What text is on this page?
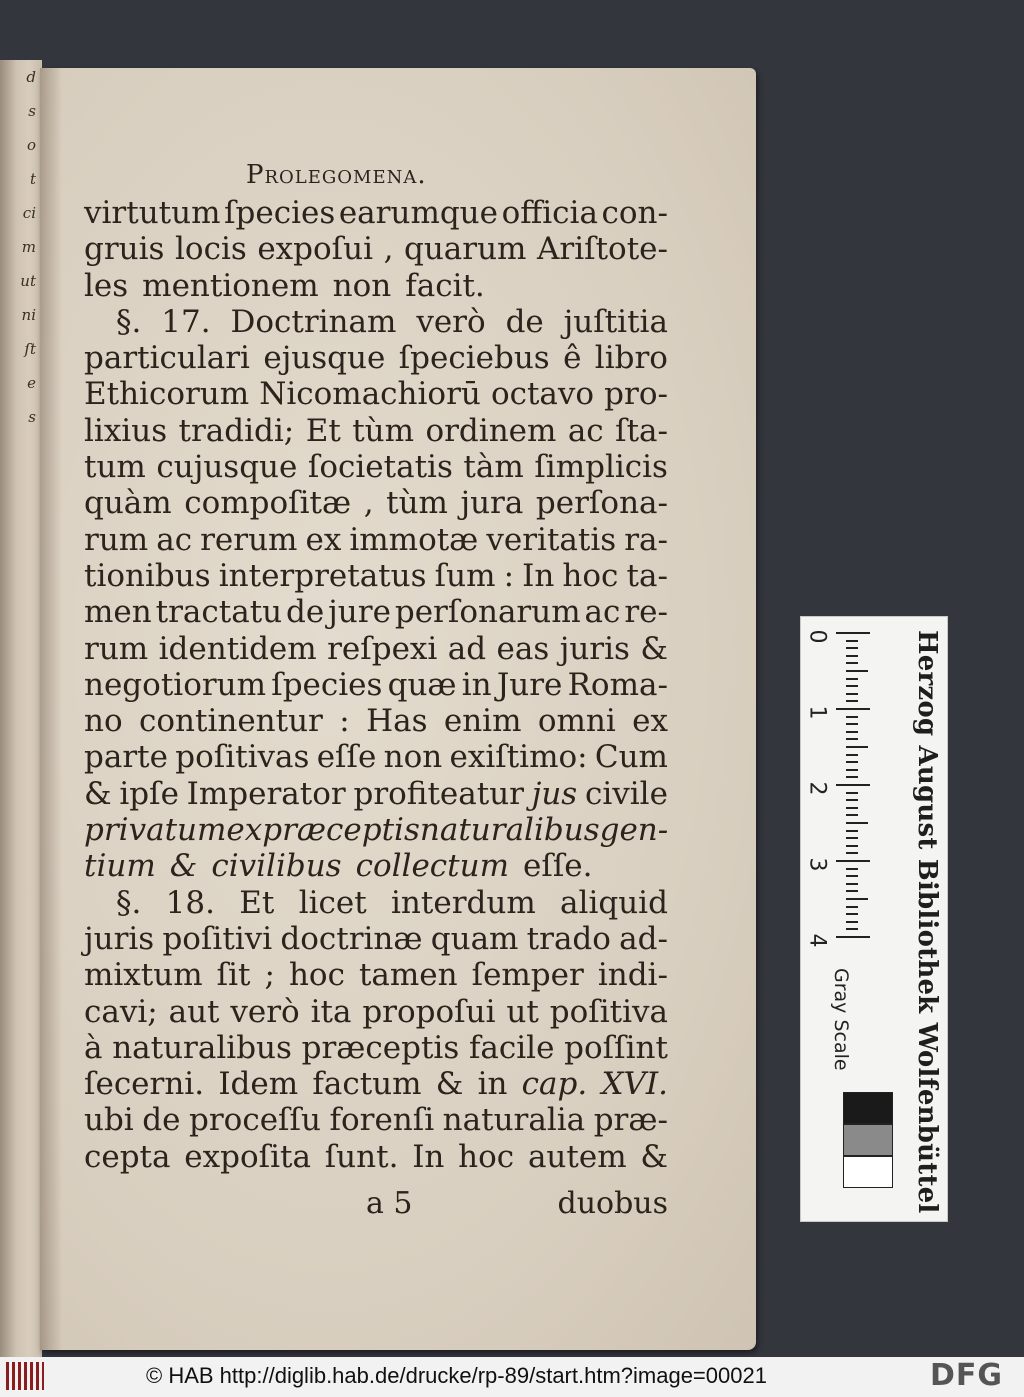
d
s
o
t
ci
m
ut
ni
ſt
e
s
Prolegomena.
virtutum ſpecies earumque officia con-
gruis locis expoſui , quarum Ariſtote-
les mentionem non facit.
§. 17. Doctrinam verò de juſtitia
particulari ejusque ſpeciebus ê libro
Ethicorum Nicomachiorū octavo pro-
lixius tradidi; Et tùm ordinem ac ſta-
tum cujusque ſocietatis tàm ſimplicis
quàm compoſitæ , tùm jura perſona-
rum ac rerum ex immotæ veritatis ra-
tionibus interpretatus ſum : In hoc ta-
men tractatu de jure perſonarum ac re-
rum identidem reſpexi ad eas juris &
negotiorum ſpecies quæ in Jure Roma-
no continentur : Has enim omni ex
parte poſitivas eſſe non exiſtimo: Cum
& ipſe Imperator profiteatur jus civile
privatum ex præceptis naturalibus gen-
tium & civilibus collectum eſſe.
§. 18. Et licet interdum aliquid
juris poſitivi doctrinæ quam trado ad-
mixtum ſit ; hoc tamen ſemper indi-
cavi; aut verò ita propoſui ut poſitiva
à naturalibus præceptis facile poſſint
ſecerni. Idem factum & in cap. XVI.
ubi de proceſſu forenſi naturalia præ-
cepta expoſita ſunt. In hoc autem &
a 5	duobus	Herzog August Bibliothek Wolfenbüttel
0
1
2
3
4
Gray Scale
© HAB http://diglib.hab.de/drucke/rp-89/start.htm?image=00021	DFG
